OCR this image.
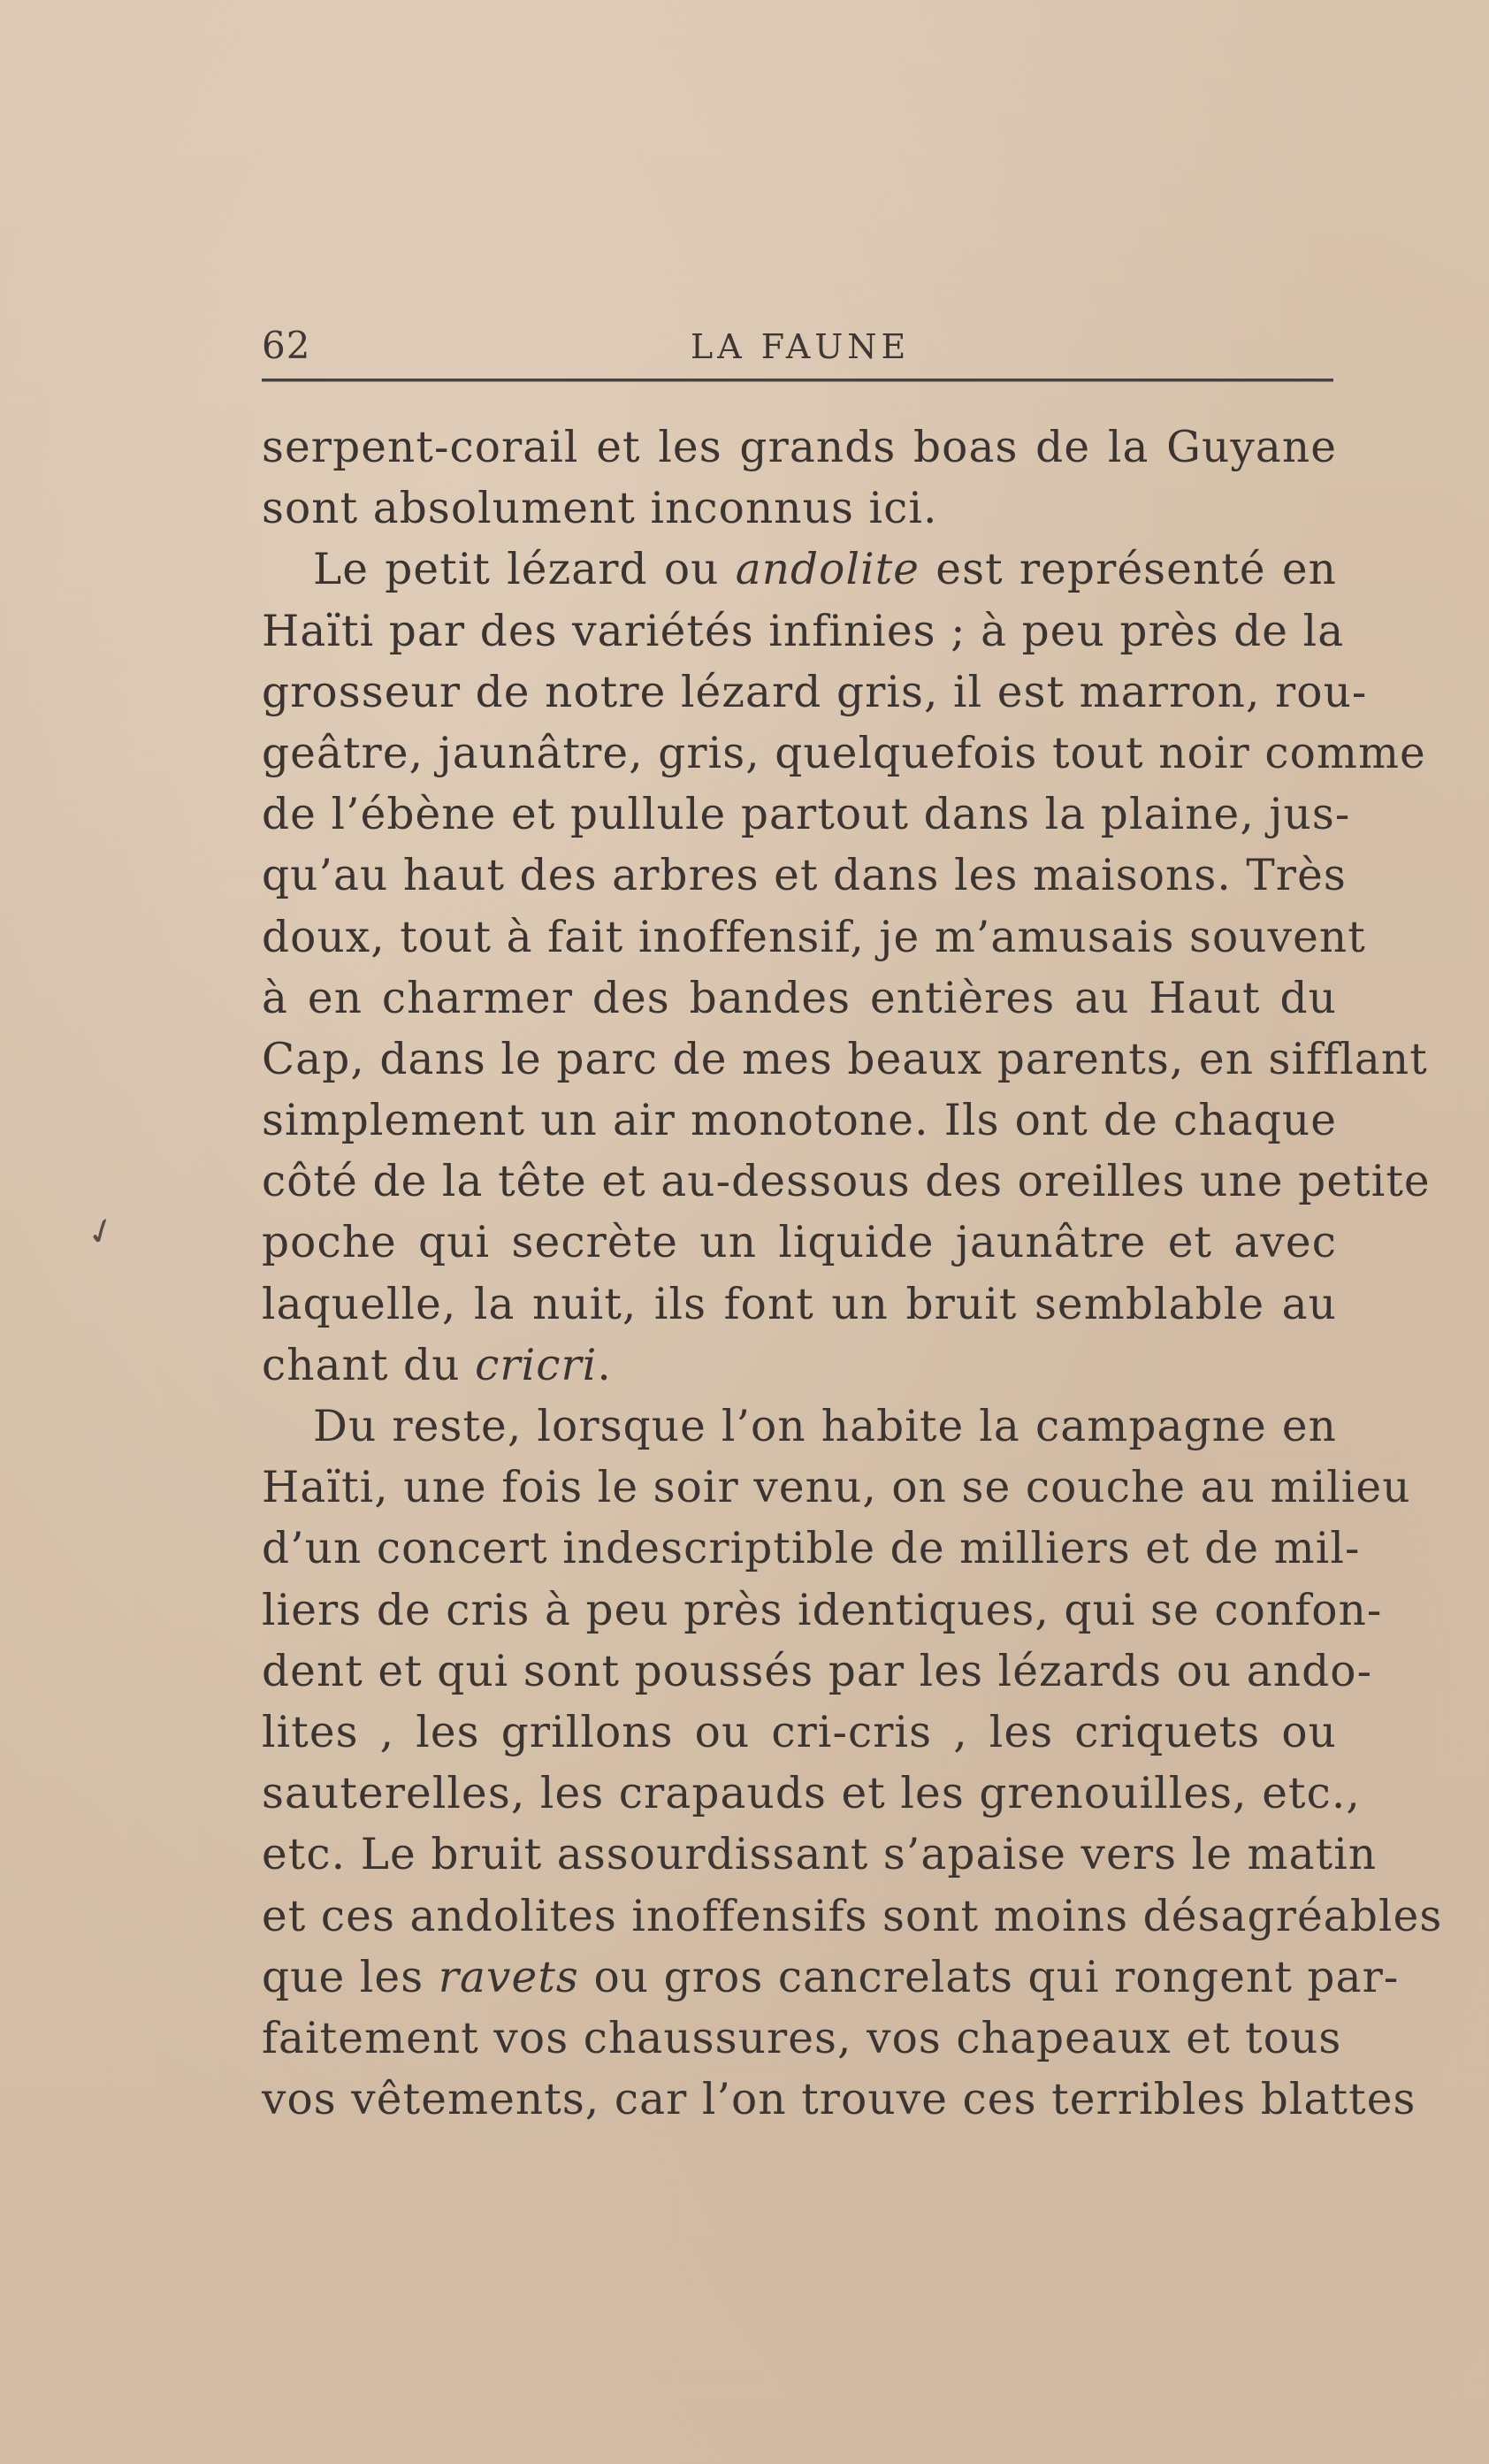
62	LA FAUNE
✓
serpent-corail et les grands boas de la Guyane
sont absolument inconnus ici.
Le petit lézard ou andolite est représenté en
Haïti par des variétés infinies ; à peu près de la
grosseur de notre lézard gris, il est marron, rou-
geâtre, jaunâtre, gris, quelquefois tout noir comme
de l’ébène et pullule partout dans la plaine, jus-
qu’au haut des arbres et dans les maisons. Très
doux, tout à fait inoffensif, je m’amusais souvent
à en charmer des bandes entières au Haut du
Cap, dans le parc de mes beaux parents, en sifflant
simplement un air monotone. Ils ont de chaque
côté de la tête et au-dessous des oreilles une petite
poche qui secrète un liquide jaunâtre et avec
laquelle, la nuit, ils font un bruit semblable au
chant du cricri.
Du reste, lorsque l’on habite la campagne en
Haïti, une fois le soir venu, on se couche au milieu
d’un concert indescriptible de milliers et de mil-
liers de cris à peu près identiques, qui se confon-
dent et qui sont poussés par les lézards ou ando-
lites , les grillons ou cri-cris , les criquets ou
sauterelles, les crapauds et les grenouilles, etc.,
etc. Le bruit assourdissant s’apaise vers le matin
et ces andolites inoffensifs sont moins désagréables
que les ravets ou gros cancrelats qui rongent par-
faitement vos chaussures, vos chapeaux et tous
vos vêtements, car l’on trouve ces terribles blattes
